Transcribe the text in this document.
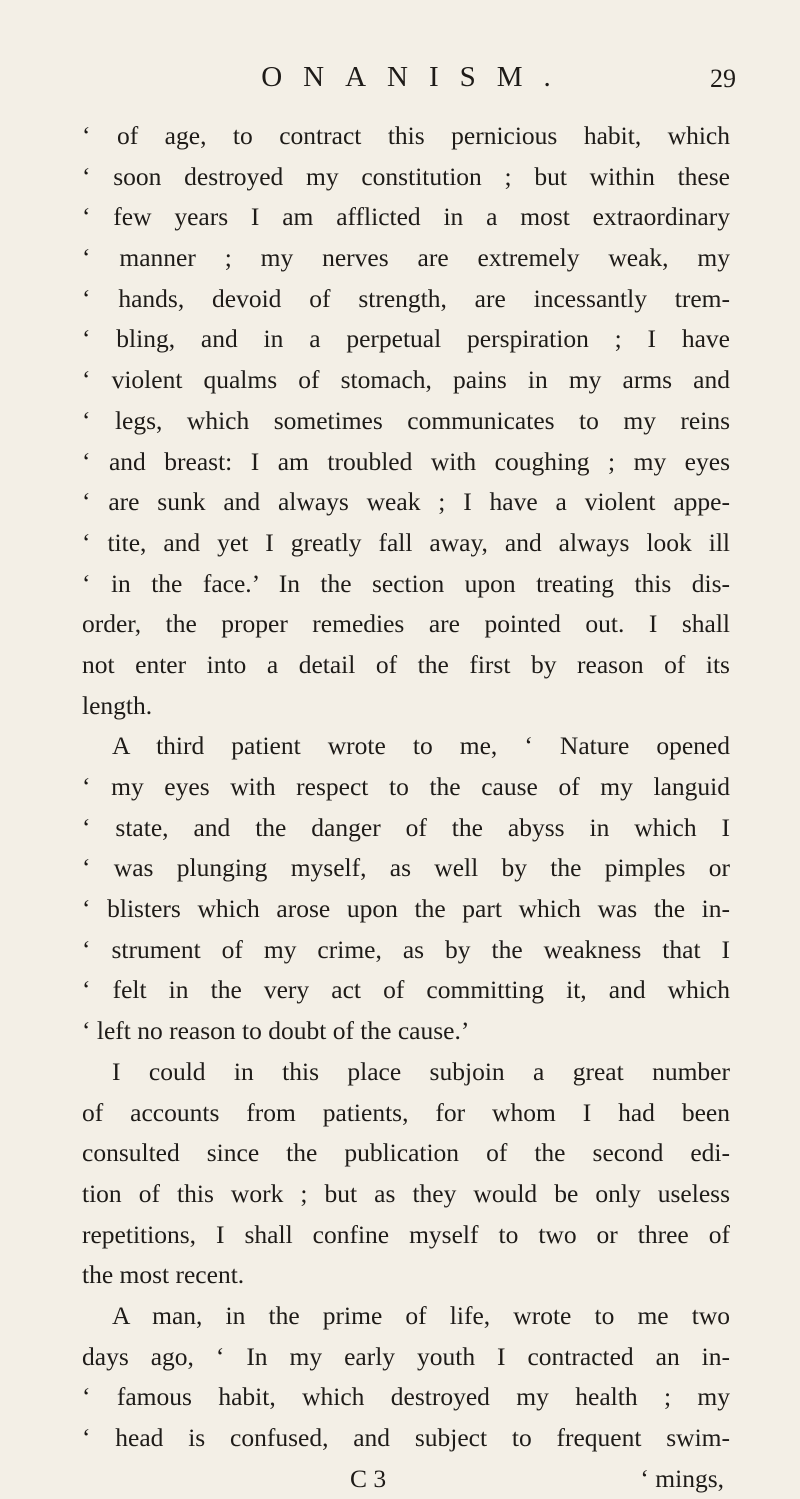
ONANISM.	29
‘ of age, to contract this pernicious habit, which
‘ soon destroyed my constitution ; but within these
‘ few years I am afflicted in a most extraordinary
‘ manner ; my nerves are extremely weak, my
‘ hands, devoid of strength, are incessantly trem-
‘ bling, and in a perpetual perspiration ; I have
‘ violent qualms of stomach, pains in my arms and
‘ legs, which sometimes communicates to my reins
‘ and breast: I am troubled with coughing ; my eyes
‘ are sunk and always weak ; I have a violent appe-
‘ tite, and yet I greatly fall away, and always look ill
‘ in the face.’ In the section upon treating this dis-
order, the proper remedies are pointed out. I shall
not enter into a detail of the first by reason of its
length.
A third patient wrote to me, ‘ Nature opened
‘ my eyes with respect to the cause of my languid
‘ state, and the danger of the abyss in which I
‘ was plunging myself, as well by the pimples or
‘ blisters which arose upon the part which was the in-
‘ strument of my crime, as by the weakness that I
‘ felt in the very act of committing it, and which
‘ left no reason to doubt of the cause.’
I could in this place subjoin a great number
of accounts from patients, for whom I had been
consulted since the publication of the second edi-
tion of this work ; but as they would be only useless
repetitions, I shall confine myself to two or three of
the most recent.
A man, in the prime of life, wrote to me two
days ago, ‘ In my early youth I contracted an in-
‘ famous habit, which destroyed my health ; my
‘ head is confused, and subject to frequent swim-
C 3	‘ mings,
